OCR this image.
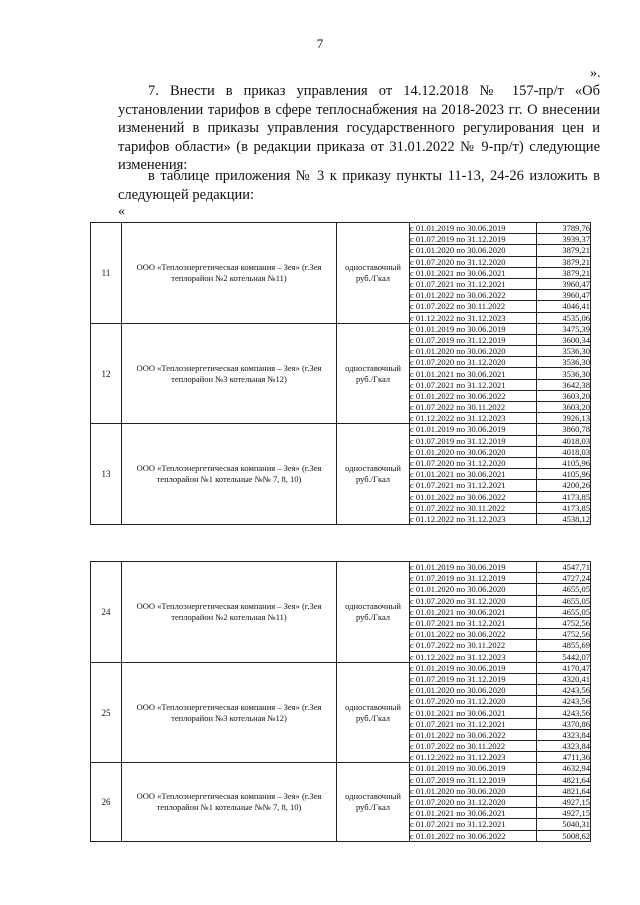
7
».
7. Внести в приказ управления от 14.12.2018 № 157-пр/т «Об установлении тарифов в сфере теплоснабжения на 2018-2023 гг. О внесении изменений в приказы управления государственного регулирования цен и тарифов области» (в редакции приказа от 31.01.2022 № 9-пр/т) следующие изменения:
в таблице приложения № 3 к приказу пункты 11-13, 24-26 изложить в следующей редакции:
«
11	ООО «Теплоэнергетическая компания – Зея» (г.Зея теплорайон №2 котельная №11)	одноставочный руб./Гкал	с 01.01.2019 по 30.06.2019	3789,76
			с 01.07.2019 по 31.12.2019	3939,37
			с 01.01.2020 по 30.06.2020	3879,21
			с 01.07.2020 по 31.12.2020	3879,21
			с 01.01.2021 по 30.06.2021	3879,21
			с 01.07.2021 по 31.12.2021	3960,47
			с 01.01.2022 по 30.06.2022	3960,47
			с 01.07.2022 по 30.11.2022	4046,41
			с 01.12.2022 по 31.12.2023	4535,06
12	ООО «Теплоэнергетическая компания – Зея» (г.Зея теплорайон №3 котельная №12)	одноставочный руб./Гкал	с 01.01.2019 по 30.06.2019	3475,39
			с 01.07.2019 по 31.12.2019	3600,34
			с 01.01.2020 по 30.06.2020	3536,30
			с 01.07.2020 по 31.12.2020	3536,30
			с 01.01.2021 по 30.06.2021	3536,30
			с 01.07.2021 по 31.12.2021	3642,38
			с 01.01.2022 по 30.06.2022	3603,20
			с 01.07.2022 по 30.11.2022	3603,20
			с 01.12.2022 по 31.12.2023	3926,13
13	ООО «Теплоэнергетическая компания – Зея» (г.Зея теплорайон №1 котельные №№ 7, 8, 10)	одноставочный руб./Гкал	с 01.01.2019 по 30.06.2019	3860,78
			с 01.07.2019 по 31.12.2019	4018,03
			с 01.01.2020 по 30.06.2020	4018,03
			с 01.07.2020 по 31.12.2020	4105,96
			с 01.01.2021 по 30.06.2021	4105,96
			с 01.07.2021 по 31.12.2021	4200,26
			с 01.01.2022 по 30.06.2022	4173,85
			с 01.07.2022 по 30.11.2022	4173,85
			с 01.12.2022 по 31.12.2023	4538,12
24	ООО «Теплоэнергетическая компания – Зея» (г.Зея теплорайон №2 котельная №11)	одноставочный руб./Гкал	с 01.01.2019 по 30.06.2019	4547,71
			с 01.07.2019 по 31.12.2019	4727,24
			с 01.01.2020 по 30.06.2020	4655,05
			с 01.07.2020 по 31.12.2020	4655,05
			с 01.01.2021 по 30.06.2021	4655,05
			с 01.07.2021 по 31.12.2021	4752,56
			с 01.01.2022 по 30.06.2022	4752,56
			с 01.07.2022 по 30.11.2022	4855,69
			с 01.12.2022 по 31.12.2023	5442,07
25	ООО «Теплоэнергетическая компания – Зея» (г.Зея теплорайон №3 котельная №12)	одноставочный руб./Гкал	с 01.01.2019 по 30.06.2019	4170,47
			с 01.07.2019 по 31.12.2019	4320,41
			с 01.01.2020 по 30.06.2020	4243,56
			с 01.07.2020 по 31.12.2020	4243,56
			с 01.01.2021 по 30.06.2021	4243,56
			с 01.07.2021 по 31.12.2021	4370,86
			с 01.01.2022 по 30.06.2022	4323,84
			с 01.07.2022 по 30.11.2022	4323,84
			с 01.12.2022 по 31.12.2023	4711,36
26	ООО «Теплоэнергетическая компания – Зея» (г.Зея теплорайон №1 котельные №№ 7, 8, 10)	одноставочный руб./Гкал	с 01.01.2019 по 30.06.2019	4632,94
			с 01.07.2019 по 31.12.2019	4821,64
			с 01.01.2020 по 30.06.2020	4821,64
			с 01.07.2020 по 31.12.2020	4927,15
			с 01.01.2021 по 30.06.2021	4927,15
			с 01.07.2021 по 31.12.2021	5040,31
			с 01.01.2022 по 30.06.2022	5008,62
